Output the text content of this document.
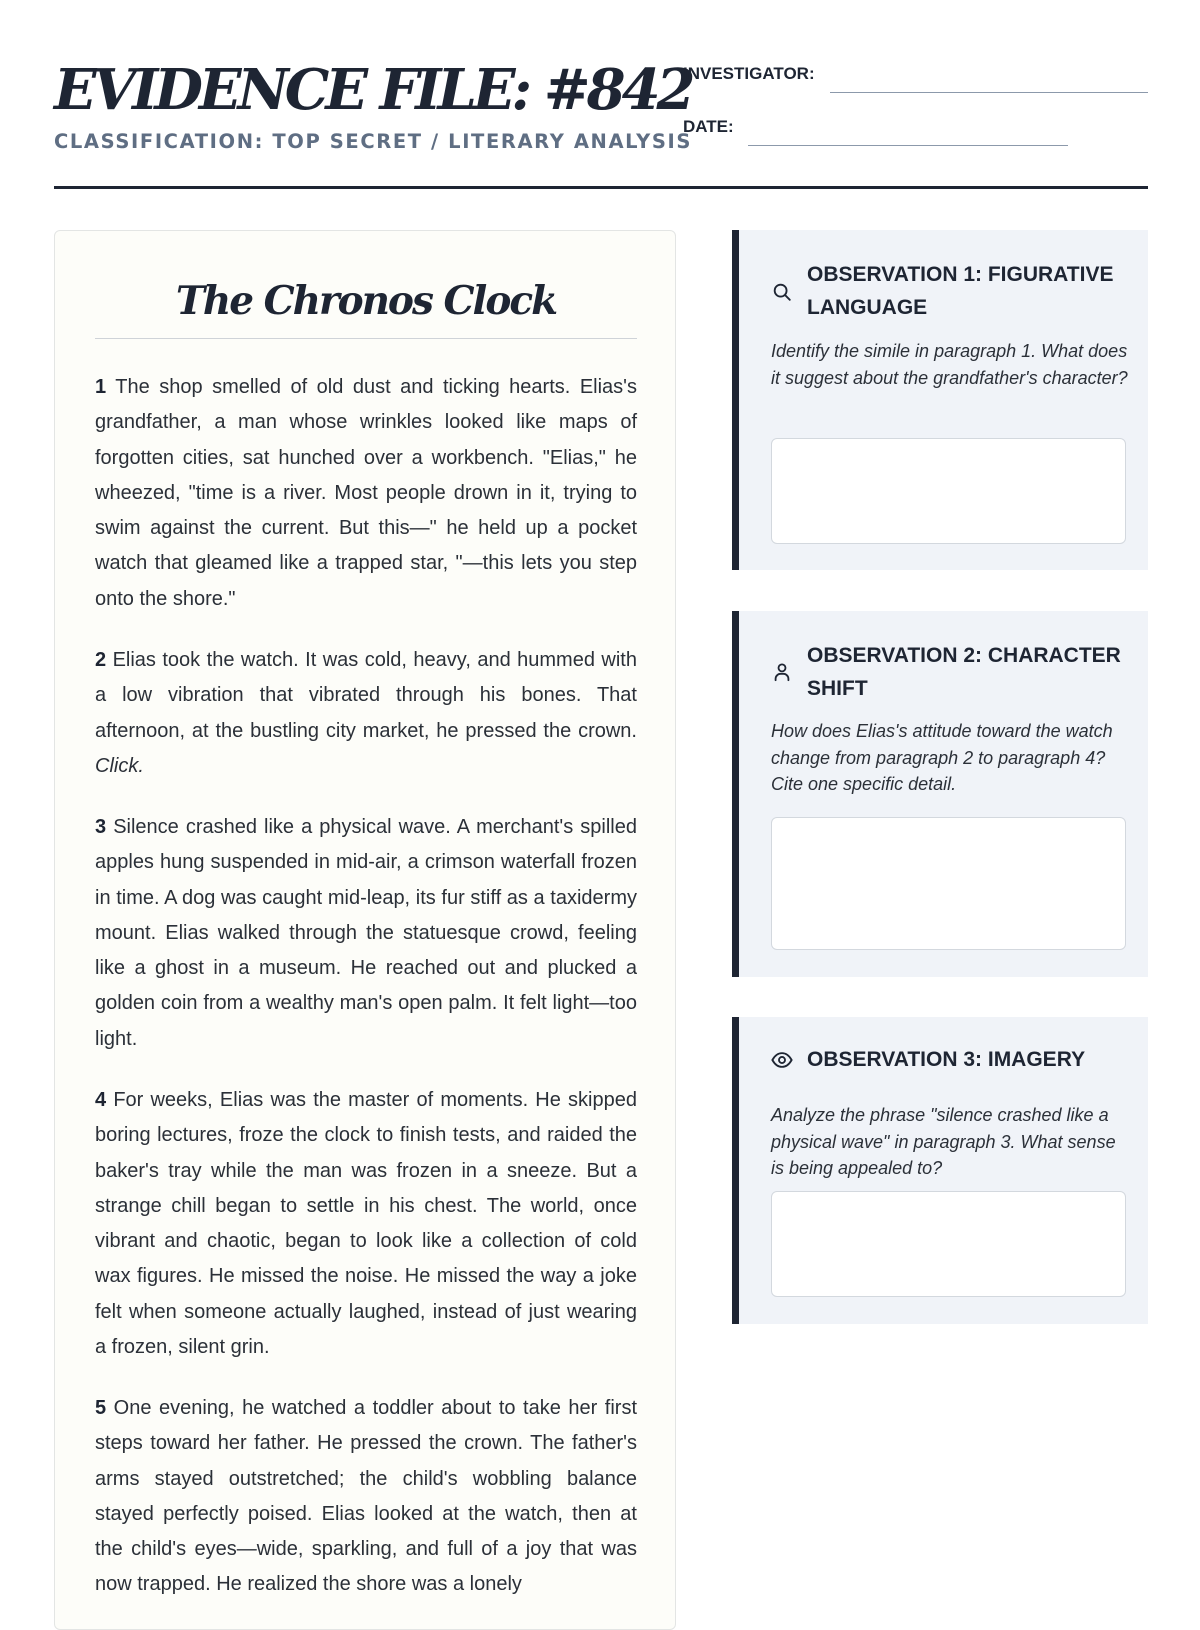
EVIDENCE FILE: #842
CLASSIFICATION: TOP SECRET / LITERARY ANALYSIS
INVESTIGATOR:
DATE:
The Chronos Clock

1 The shop smelled of old dust and ticking hearts. Elias's grandfather, a man whose wrinkles looked like maps of forgotten cities, sat hunched over a workbench. "Elias," he wheezed, "time is a river. Most people drown in it, trying to swim against the current. But this—" he held up a pocket watch that gleamed like a trapped star, "—this lets you step onto the shore."

2 Elias took the watch. It was cold, heavy, and hummed with a low vibration that vibrated through his bones. That afternoon, at the bustling city market, he pressed the crown. Click.

3 Silence crashed like a physical wave. A merchant's spilled apples hung suspended in mid-air, a crimson waterfall frozen in time. A dog was caught mid-leap, its fur stiff as a taxidermy mount. Elias walked through the statuesque crowd, feeling like a ghost in a museum. He reached out and plucked a golden coin from a wealthy man's open palm. It felt light—too light.

4 For weeks, Elias was the master of moments. He skipped boring lectures, froze the clock to finish tests, and raided the baker's tray while the man was frozen in a sneeze. But a strange chill began to settle in his chest. The world, once vibrant and chaotic, began to look like a collection of cold wax figures. He missed the noise. He missed the way a joke felt when someone actually laughed, instead of just wearing a frozen, silent grin.

5 One evening, he watched a toddler about to take her first steps toward her father. He pressed the crown. The father's arms stayed outstretched; the child's wobbling balance stayed perfectly poised. Elias looked at the watch, then at the child's eyes—wide, sparkling, and full of a joy that was now trapped. He realized the shore was a lonely

OBSERVATION 1: FIGURATIVE LANGUAGE

Identify the simile in paragraph 1. What does it suggest about the grandfather's character?

OBSERVATION 2: CHARACTER SHIFT

How does Elias's attitude toward the watch change from paragraph 2 to paragraph 4? Cite one specific detail.

OBSERVATION 3: IMAGERY

Analyze the phrase "silence crashed like a physical wave" in paragraph 3. What sense is being appealed to?
